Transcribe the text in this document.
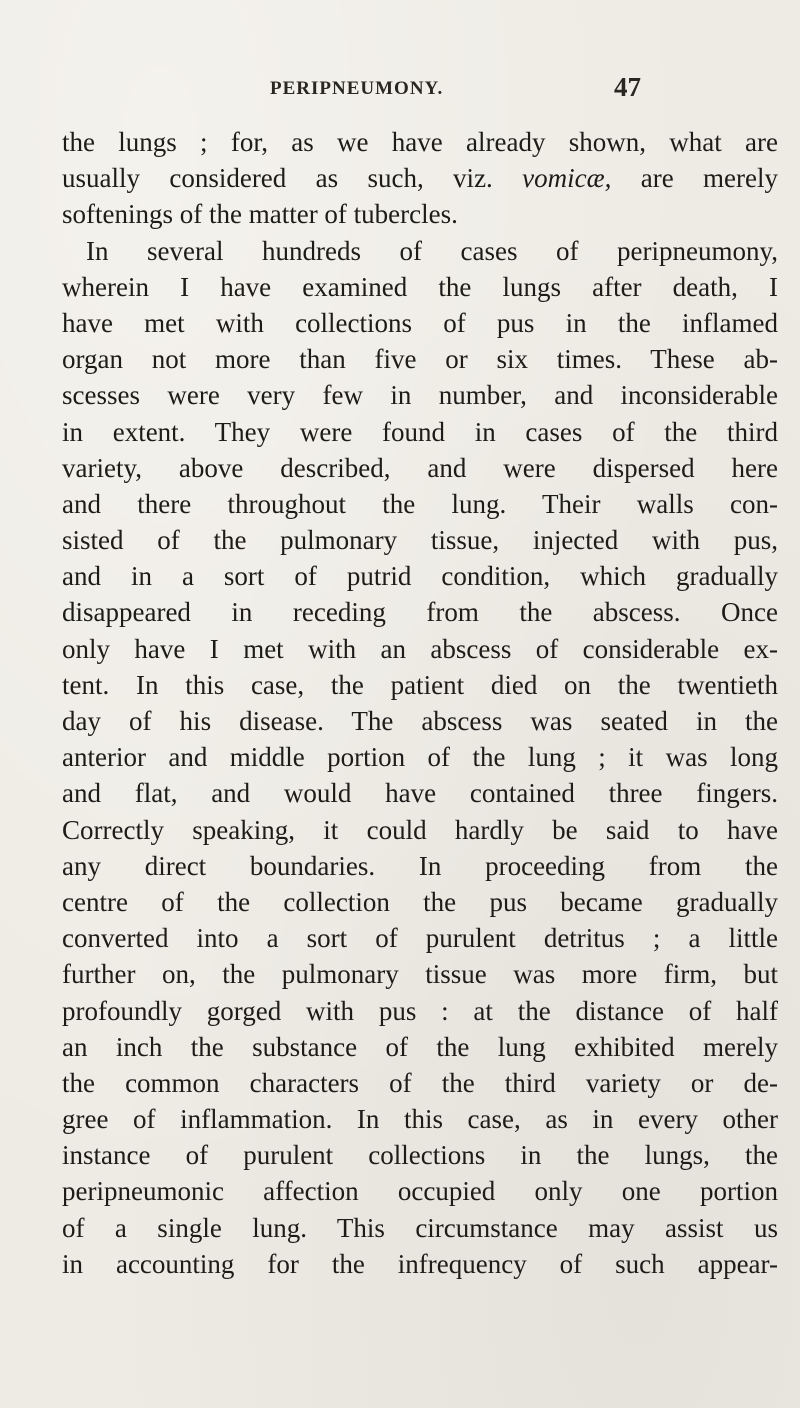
PERIPNEUMONY.	47
the lungs ; for, as we have already shown, what are
usually considered as such, viz. vomicæ, are merely
softenings of the matter of tubercles.
In several hundreds of cases of peripneumony,
wherein I have examined the lungs after death, I
have met with collections of pus in the inflamed
organ not more than five or six times. These ab-
scesses were very few in number, and inconsiderable
in extent. They were found in cases of the third
variety, above described, and were dispersed here
and there throughout the lung. Their walls con-
sisted of the pulmonary tissue, injected with pus,
and in a sort of putrid condition, which gradually
disappeared in receding from the abscess. Once
only have I met with an abscess of considerable ex-
tent. In this case, the patient died on the twentieth
day of his disease. The abscess was seated in the
anterior and middle portion of the lung ; it was long
and flat, and would have contained three fingers.
Correctly speaking, it could hardly be said to have
any direct boundaries. In proceeding from the
centre of the collection the pus became gradually
converted into a sort of purulent detritus ; a little
further on, the pulmonary tissue was more firm, but
profoundly gorged with pus : at the distance of half
an inch the substance of the lung exhibited merely
the common characters of the third variety or de-
gree of inflammation. In this case, as in every other
instance of purulent collections in the lungs, the
peripneumonic affection occupied only one portion
of a single lung. This circumstance may assist us
in accounting for the infrequency of such appear-
